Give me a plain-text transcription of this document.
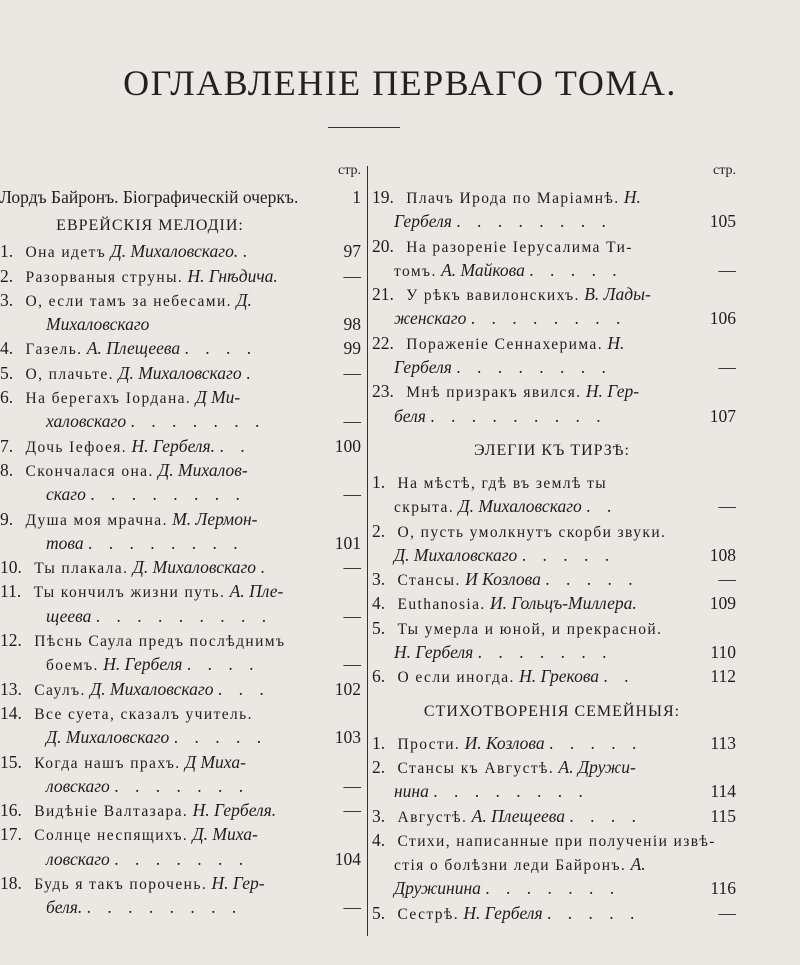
ОГЛАВЛЕНІЕ ПЕРВАГО ТОМА.
стр.
Лордъ Байронъ. Біографическій очеркъ.	1
ЕВРЕЙСКІЯ МЕЛОДІИ:
1. Она идетъ Д. Михаловскаго. .	97
2. Разорваныя струны. Н. Гнѣдича.	—
3. О, если тамъ за небесами. Д.
Михаловскаго	98
4. Газель. А. Плещеева . . . .	99
5. О, плачьте. Д. Михаловскаго .	—
6. На берегахъ Іордана. Д Ми-
халовскаго . . . . . . .	—
7. Дочь Іефоея. Н. Гербеля. . .	100
8. Скончалася она. Д. Михалов-
скаго . . . . . . . .	—
9. Душа моя мрачна. М. Лермон-
това . . . . . . . .	101
10. Ты плакала. Д. Михаловскаго .	—
11. Ты кончилъ жизни путь. А. Пле-
щеева . . . . . . . . .	—
12. Пѣснь Саула предъ послѣднимъ
боемъ. Н. Гербеля . . . .	—
13. Саулъ. Д. Михаловскаго . . .	102
14. Все суета, сказалъ учитель.
Д. Михаловскаго . . . . .	103
15. Когда нашъ прахъ. Д Миха-
ловскаго . . . . . . .	—
16. Видѣніе Валтазара. Н. Гербеля.	—
17. Солнце неспящихъ. Д. Миха-
ловскаго . . . . . . .	104
18. Будь я такъ порочень. Н. Гер-
беля. . . . . . . . .	—
стр.
19. Плачъ Ирода по Маріамнѣ. Н.
Гербеля . . . . . . . .	105
20. На разореніе Іерусалима Ти-
томъ. А. Майкова . . . . .	—
21. У рѣкъ вавилонскихъ. В. Лады-
женскаго . . . . . . . .	106
22. Пораженіе Сеннахерима. Н.
Гербеля . . . . . . . .	—
23. Мнѣ призракъ явился. Н. Гер-
беля . . . . . . . . .	107
ЭЛЕГІИ КЪ ТИРЗѢ:
1. На мѣстѣ, гдѣ въ землѣ ты
скрыта. Д. Михаловскаго . .	—
2. О, пусть умолкнутъ скорби звуки.
Д. Михаловскаго . . . . .	108
3. Стансы. И Козлова . . . . .	—
4. Euthanosia. И. Гольцъ-Миллера.	109
5. Ты умерла и юной, и прекрасной.
Н. Гербеля . . . . . . .	110
6. О если иногда. Н. Грекова . .	112
СТИХОТВОРЕНІЯ СЕМЕЙНЫЯ:
1. Прости. И. Козлова . . . . .	113
2. Стансы къ Августѣ. А. Дружи-
нина . . . . . . . .	114
3. Августѣ. А. Плещеева . . . .	115
4. Стихи, написанные при полученіи извѣ-
стія о болѣзни леди Байронъ. А.
Дружинина . . . . . . .	116
5. Сестрѣ. Н. Гербеля . . . . .	—
